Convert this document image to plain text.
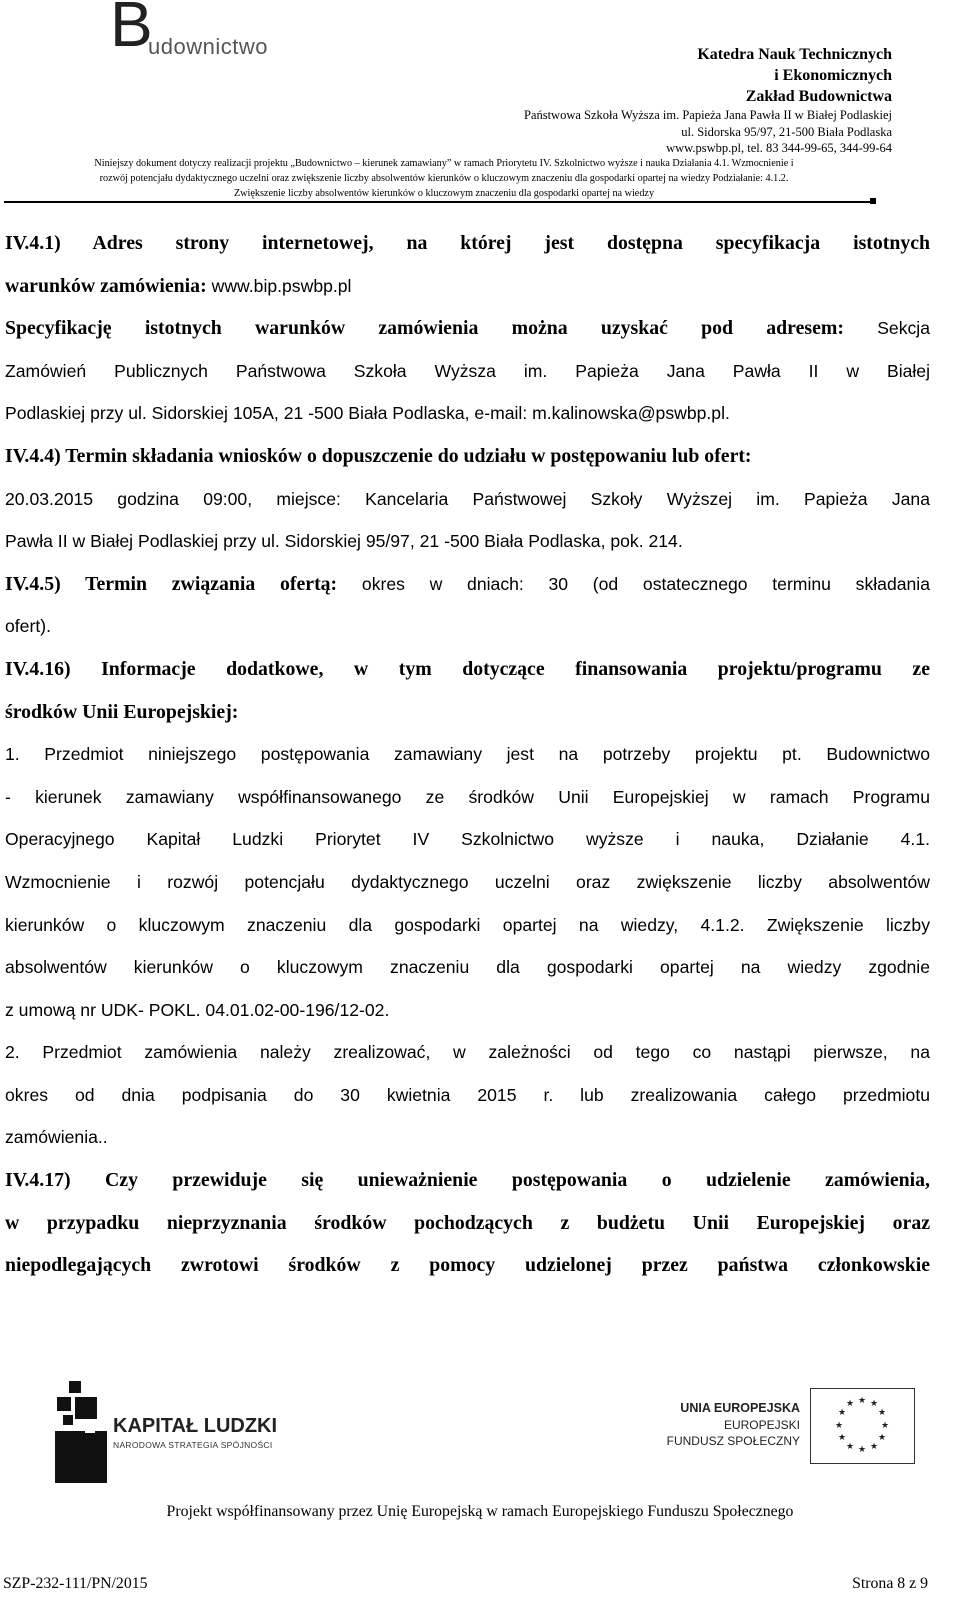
B
udownictwo	Katedra Nauk Technicznych
i Ekonomicznych
Zakład Budownictwa
Państwowa Szkoła Wyższa im. Papieża Jana Pawła II w Białej Podlaskiej
ul. Sidorska 95/97, 21-500 Biała Podlaska
www.pswbp.pl, tel. 83 344-99-65, 344-99-64
Niniejszy dokument dotyczy realizacji projektu „Budownictwo – kierunek zamawiany” w ramach Priorytetu IV. Szkolnictwo wyższe i nauka Działania 4.1. Wzmocnienie i
rozwój potencjału dydaktycznego uczelni oraz zwiększenie liczby absolwentów kierunków o kluczowym znaczeniu dla gospodarki opartej na wiedzy Podziałanie: 4.1.2.
Zwiększenie liczby absolwentów kierunków o kluczowym znaczeniu dla gospodarki opartej na wiedzy

IV.4.1) Adres strony internetowej, na której jest dostępna specyfikacja istotnych

warunków zamówienia: www.bip.pswbp.pl

Specyfikację istotnych warunków zamówienia można uzyskać pod adresem: Sekcja

Zamówień Publicznych Państwowa Szkoła Wyższa im. Papieża Jana Pawła II w Białej

Podlaskiej przy ul. Sidorskiej 105A, 21 -500 Biała Podlaska, e-mail: m.kalinowska@pswbp.pl.

IV.4.4) Termin składania wniosków o dopuszczenie do udziału w postępowaniu lub ofert:

20.03.2015 godzina 09:00, miejsce: Kancelaria Państwowej Szkoły Wyższej im. Papieża Jana

Pawła II w Białej Podlaskiej przy ul. Sidorskiej 95/97, 21 -500 Biała Podlaska, pok. 214.

IV.4.5) Termin związania ofertą: okres w dniach: 30 (od ostatecznego terminu składania

ofert).

IV.4.16) Informacje dodatkowe, w tym dotyczące finansowania projektu/programu ze

środków Unii Europejskiej:

1. Przedmiot niniejszego postępowania zamawiany jest na potrzeby projektu pt. Budownictwo

- kierunek zamawiany współfinansowanego ze środków Unii Europejskiej w ramach Programu

Operacyjnego Kapitał Ludzki Priorytet IV Szkolnictwo wyższe i nauka, Działanie 4.1.

Wzmocnienie i rozwój potencjału dydaktycznego uczelni oraz zwiększenie liczby absolwentów

kierunków o kluczowym znaczeniu dla gospodarki opartej na wiedzy, 4.1.2. Zwiększenie liczby

absolwentów kierunków o kluczowym znaczeniu dla gospodarki opartej na wiedzy zgodnie

z umową nr UDK- POKL. 04.01.02-00-196/12-02.

2. Przedmiot zamówienia należy zrealizować, w zależności od tego co nastąpi pierwsze, na

okres od dnia podpisania do 30 kwietnia 2015 r. lub zrealizowania całego przedmiotu

zamówienia..

IV.4.17) Czy przewiduje się unieważnienie postępowania o udzielenie zamówienia,

w przypadku nieprzyznania środków pochodzących z budżetu Unii Europejskiej oraz

niepodlegających zwrotowi środków z pomocy udzielonej przez państwa członkowskie

KAPITAŁ LUDZKI
NARODOWA STRATEGIA SPÓJNOŚCI
UNIA EUROPEJSKA
EUROPEJSKI
FUNDUSZ SPOŁECZNY
★ ★
★
★
★
★
★
★
★
★
★
★
Projekt współfinansowany przez Unię Europejską w ramach Europejskiego Funduszu Społecznego
SZP-232-111/PN/2015	Strona 8 z 9
